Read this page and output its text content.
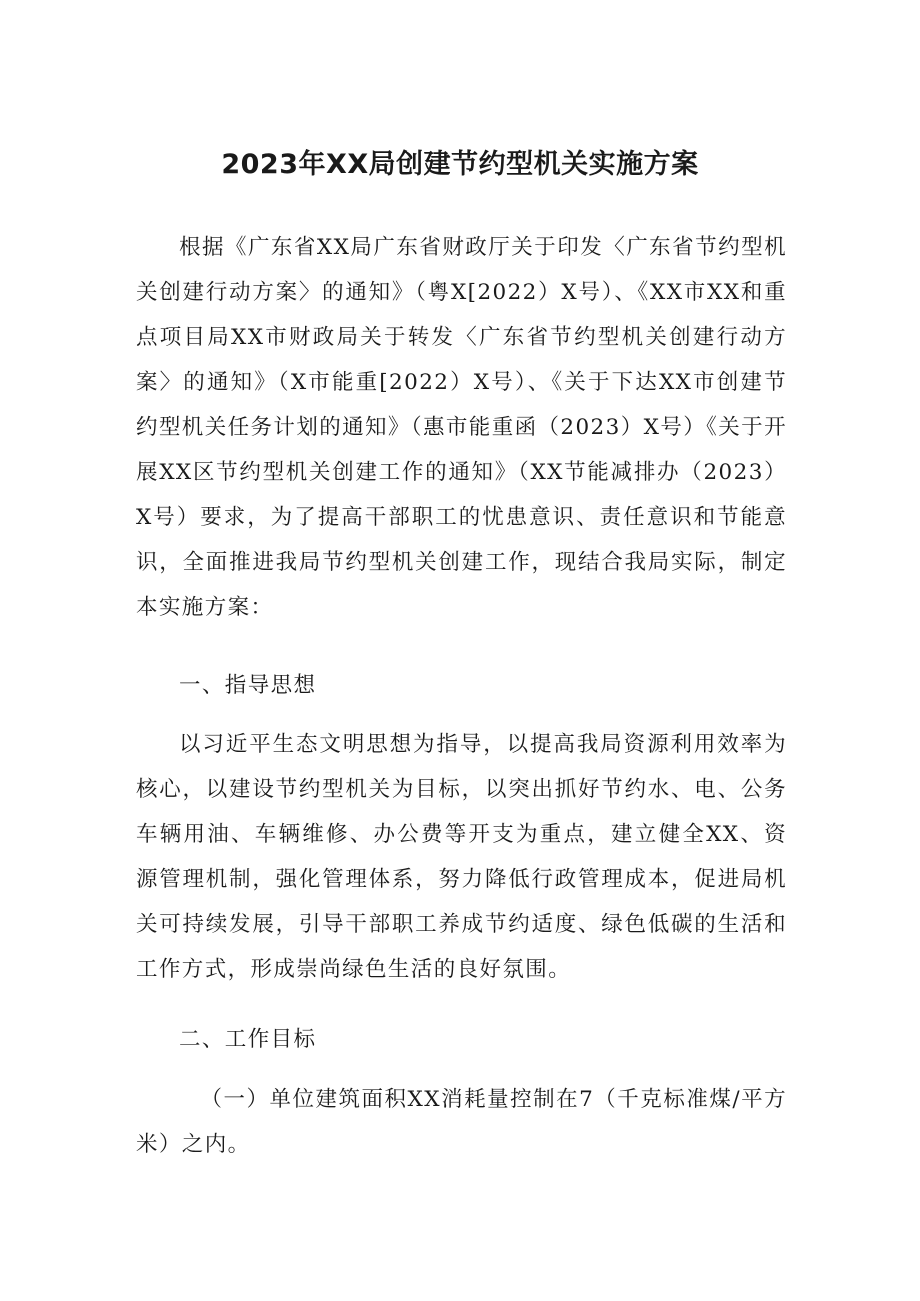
2023年XX局创建节约型机关实施方案

根据《广东省XX局广东省财政厅关于印发〈广东省节约型机关创建行动方案〉的通知》（粤X[2022）X号）、《XX市XX和重点项目局XX市财政局关于转发〈广东省节约型机关创建行动方案〉的通知》（X市能重[2022）X号）、《关于下达XX市创建节约型机关任务计划的通知》（惠市能重函（2023）X号）《关于开展XX区节约型机关创建工作的通知》（XX节能减排办（2023）X号）要求，为了提高干部职工的忧患意识、责任意识和节能意识，全面推进我局节约型机关创建工作，现结合我局实际，制定本实施方案：

一、指导思想

以习近平生态文明思想为指导，以提高我局资源利用效率为核心，以建设节约型机关为目标，以突出抓好节约水、电、公务车辆用油、车辆维修、办公费等开支为重点，建立健全XX、资源管理机制，强化管理体系，努力降低行政管理成本，促进局机关可持续发展，引导干部职工养成节约适度、绿色低碳的生活和工作方式，形成崇尚绿色生活的良好氛围。

二、工作目标

（一）单位建筑面积XX消耗量控制在7（千克标准煤/平方米）之内。
